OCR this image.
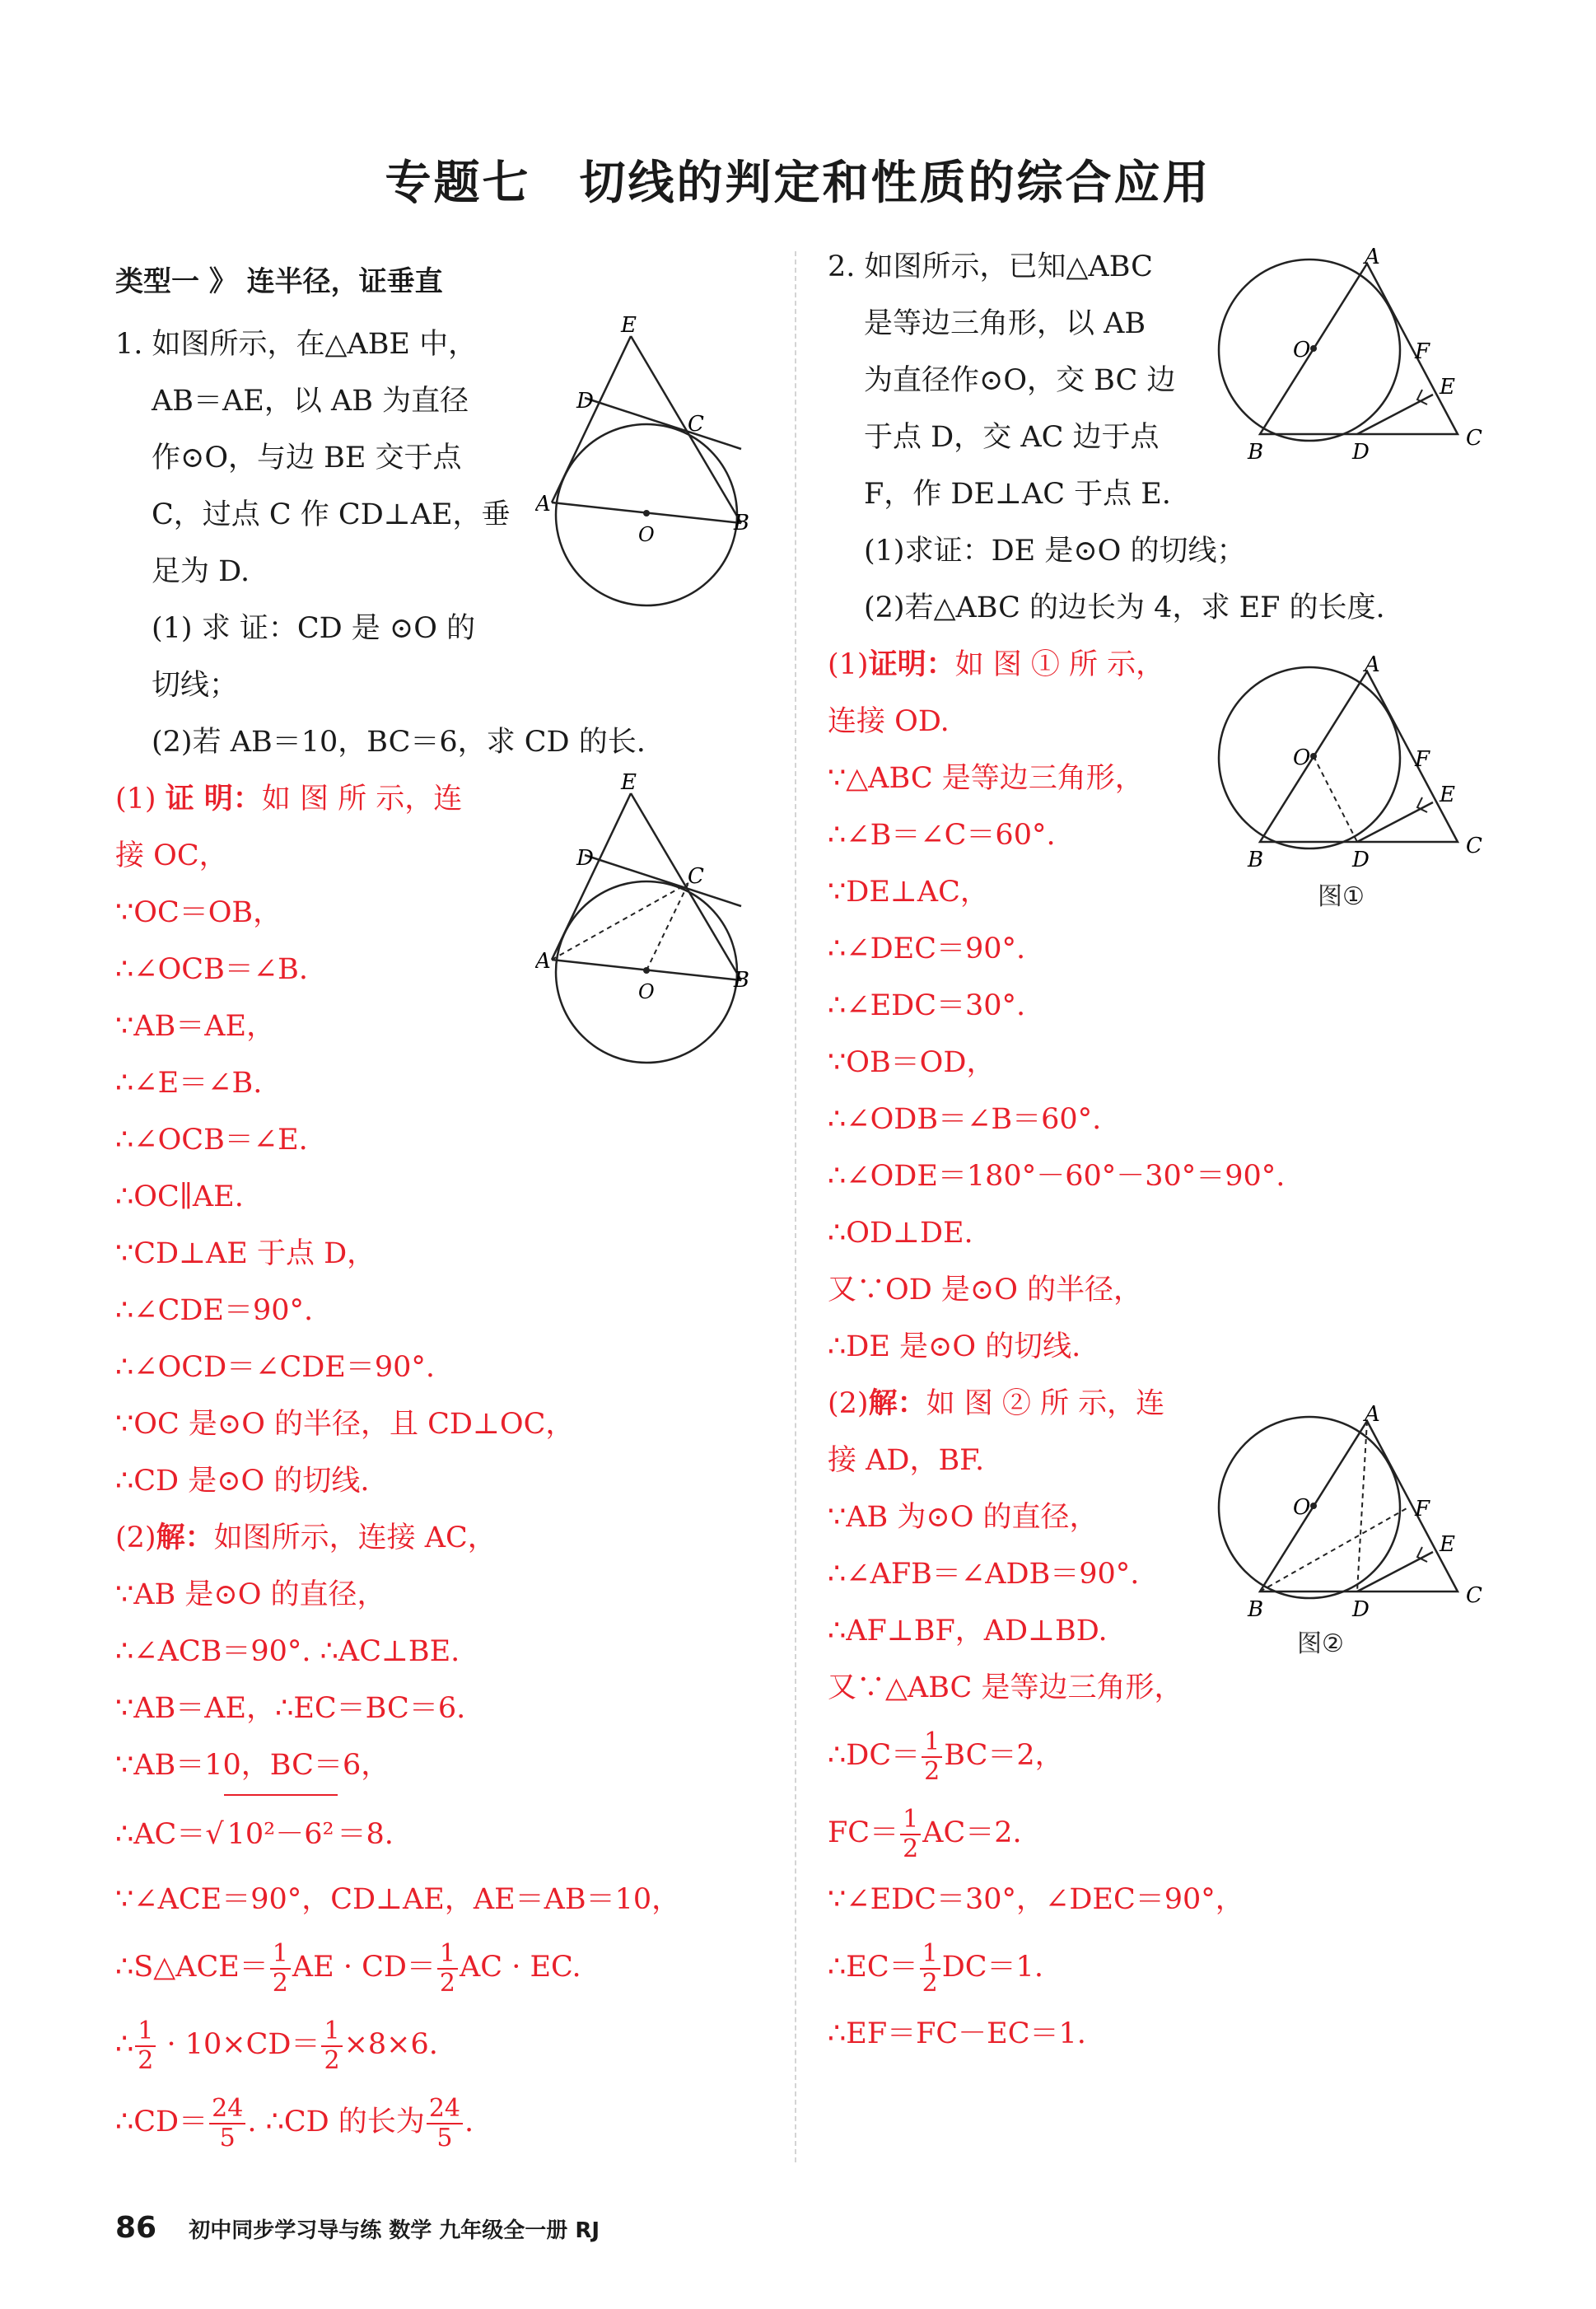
专题七　切线的判定和性质的综合应用
类型一 》 连半径，证垂直
1. 如图所示，在△ABE 中，
AB＝AE，以 AB 为直径
作⊙O，与边 BE 交于点
C，过点 C 作 CD⊥AE，垂
足为 D.
(1) 求 证：CD 是 ⊙O 的
切线；
(2)若 AB＝10，BC＝6，求 CD 的长.
(1) 证 明：如 图 所 示，连
接 OC，
∵OC＝OB，
∴∠OCB＝∠B.
∵AB＝AE，
∴∠E＝∠B.
∴∠OCB＝∠E.
∴OC∥AE.
∵CD⊥AE 于点 D，
∴∠CDE＝90°.
∴∠OCD＝∠CDE＝90°.
∵OC 是⊙O 的半径，且 CD⊥OC，
∴CD 是⊙O 的切线.
(2)解：如图所示，连接 AC，
∵AB 是⊙O 的直径，
∴∠ACB＝90°. ∴AC⊥BE.
∵AB＝AE，∴EC＝BC＝6.
∵AB＝10，BC＝6，
∴AC＝√ 10²－6² ＝8.
∵∠ACE＝90°，CD⊥AE，AE＝AB＝10，
∴S△ACE＝ $\frac{1}{2}$ AE · $CD= \frac{1}{2}$ AC · EC.
∴ $\frac{1}{2} \cdot 10\times CD= \frac{1}{2} \times 8\times 6$.
∴CD＝ $\frac{24}{5}$ . ∴CD 的长为 $\frac{24}{5}$ .
2. 如图所示，已知△ABC
是等边三角形，以 AB
为直径作⊙O，交 BC 边
于点 D，交 AC 边于点
F，作 DE⊥AC 于点 E.
(1)求证：DE 是⊙O 的切线；
(2)若△ABC 的边长为 4，求 EF 的长度.
(1)证明：如 图 ① 所 示，
连接 OD.
∵△ABC 是等边三角形，
∴∠B＝∠C＝60°.
∵DE⊥AC，
∴∠DEC＝90°.
∴∠EDC＝30°.
∵OB＝OD，
∴∠ODB＝∠B＝60°.
∴∠ODE＝180°－60°－30°＝90°.
∴OD⊥DE.
又∵OD 是⊙O 的半径，
∴DE 是⊙O 的切线.
(2)解：如 图 ② 所 示，连
接 AD，BF.
∵AB 为⊙O 的直径，
∴∠AFB＝∠ADB＝90°.
∴AF⊥BF，AD⊥BD.
又∵△ABC 是等边三角形，
∴DC＝ $\frac{1}{2} BC=2$，
$FC= \frac{1}{2} AC=2$.
∵∠EDC＝30°，∠DEC＝90°，
∴EC＝ $\frac{1}{2} DC=1$.
∴EF＝FC－EC＝1.
E
D
C
A
O	B
E
D
C
A
O	B
A
O	F
E
B	D
C
A
O	F
E
B	D
C
图①
A
O	F
E
B	D
C
图②
86 初中同步学习导与练 数学 九年级全一册 RJ
